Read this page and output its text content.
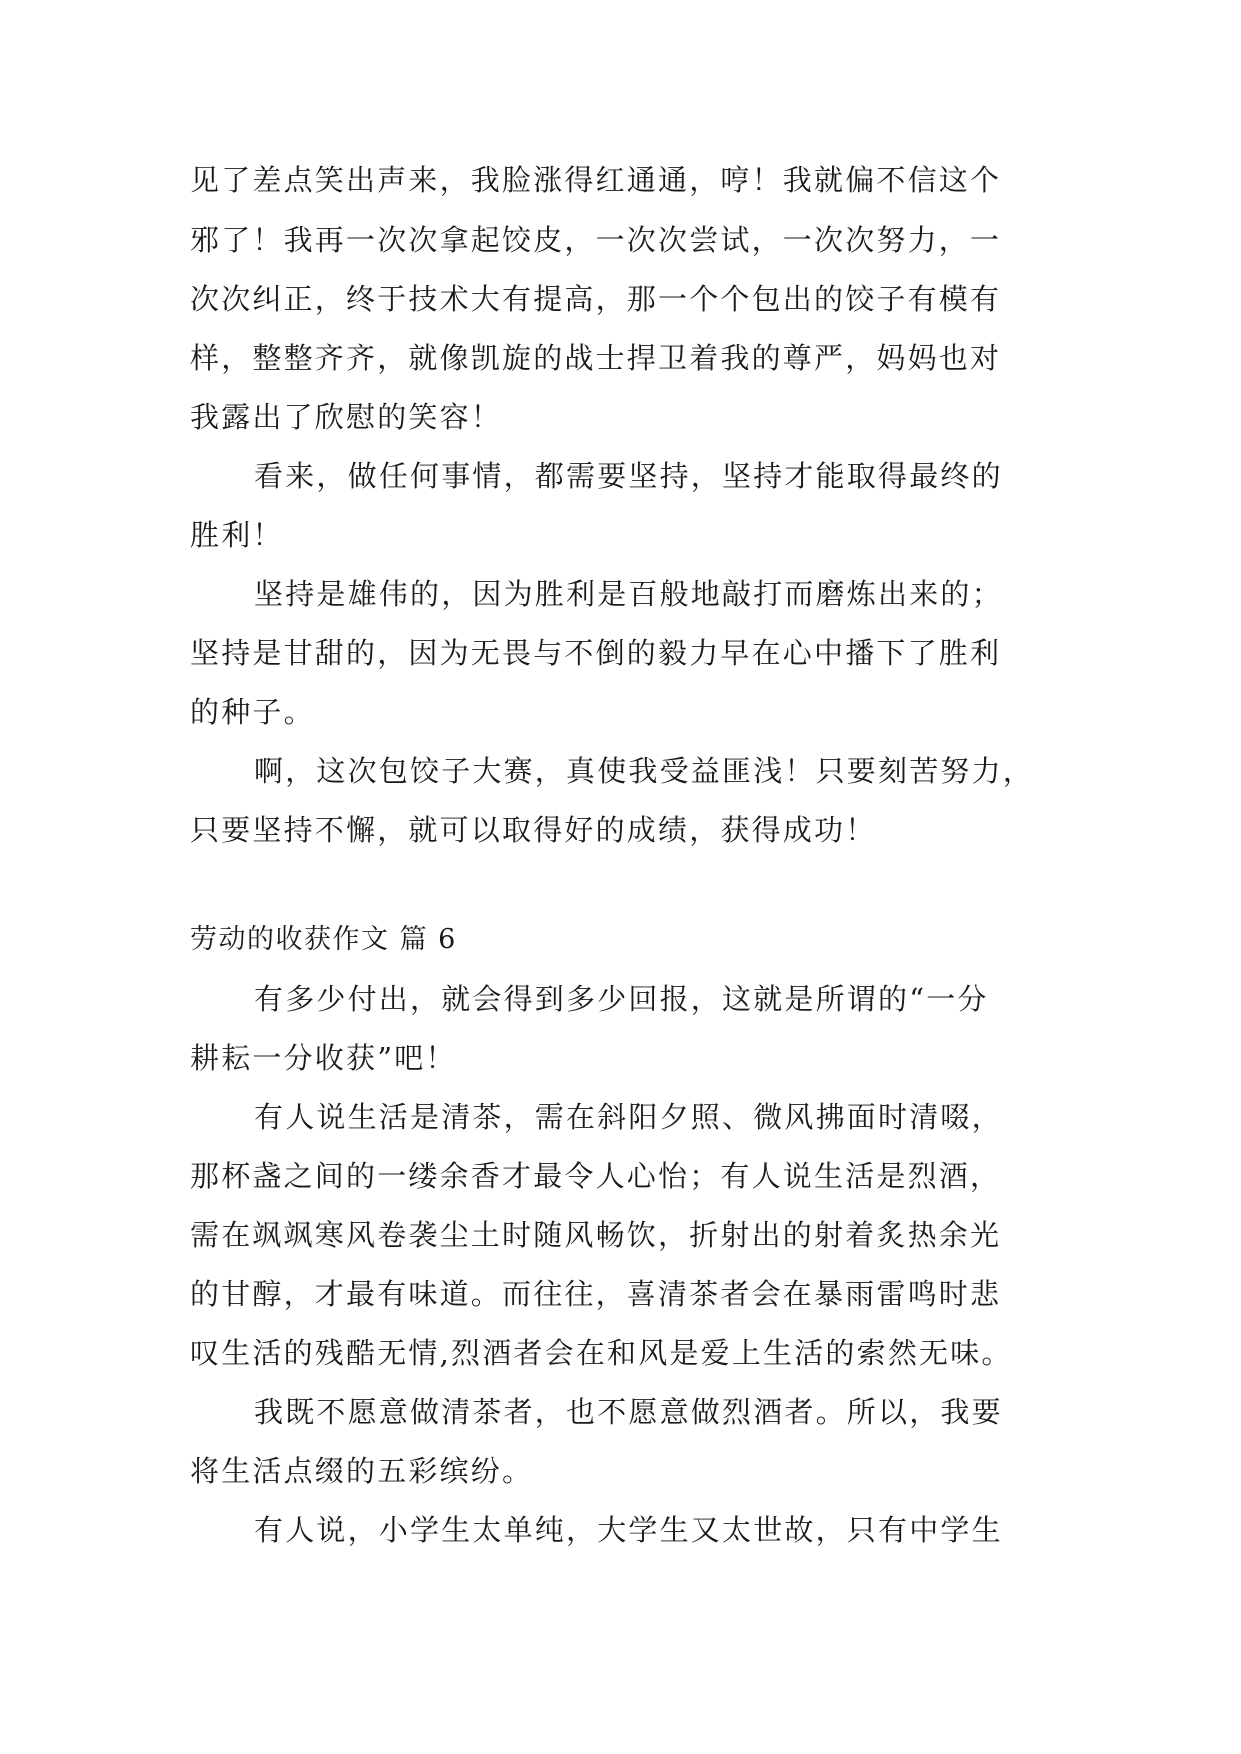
见了差点笑出声来，我脸涨得红通通，哼！我就偏不信这个
邪了！我再一次次拿起饺皮，一次次尝试，一次次努力，一
次次纠正，终于技术大有提高，那一个个包出的饺子有模有
样，整整齐齐，就像凯旋的战士捍卫着我的尊严，妈妈也对
我露出了欣慰的笑容！
看来，做任何事情，都需要坚持，坚持才能取得最终的
胜利！
坚持是雄伟的，因为胜利是百般地敲打而磨炼出来的；
坚持是甘甜的，因为无畏与不倒的毅力早在心中播下了胜利
的种子。
啊，这次包饺子大赛，真使我受益匪浅！只要刻苦努力，
只要坚持不懈，就可以取得好的成绩，获得成功！
劳动的收获作文 篇 6
有多少付出，就会得到多少回报，这就是所谓的“一分
耕耘一分收获”吧！
有人说生活是清茶，需在斜阳夕照、微风拂面时清啜，
那杯盏之间的一缕余香才最令人心怡；有人说生活是烈酒，
需在飒飒寒风卷袭尘土时随风畅饮，折射出的射着炙热余光
的甘醇，才最有味道。而往往，喜清茶者会在暴雨雷鸣时悲
叹生活的残酷无情,烈酒者会在和风是爱上生活的索然无味。
我既不愿意做清茶者，也不愿意做烈酒者。所以，我要
将生活点缀的五彩缤纷。
有人说，小学生太单纯，大学生又太世故，只有中学生
